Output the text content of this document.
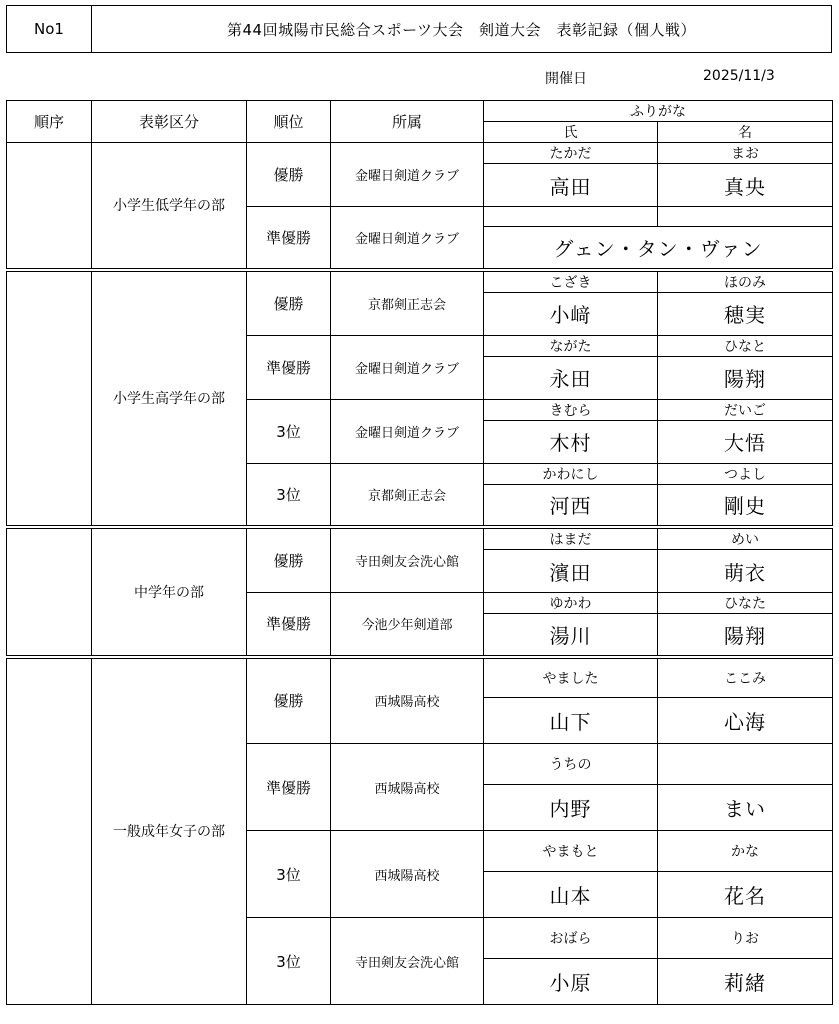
No1	第44回城陽市民総合スポーツ大会　剣道大会　表彰記録（個人戦）
開催日	2025/11/3
順序	表彰区分	順位	所属	ふりがな	
				氏	名
	小学生低学年の部	優勝	金曜日剣道クラブ	たかだ	まお
				高田	真央
		準優勝	金曜日剣道クラブ		
				グェン・タン・ヴァン	
	小学生高学年の部	優勝	京都剣正志会	こざき	ほのみ
				小﨑	穂実
		準優勝	金曜日剣道クラブ	ながた	ひなと
				永田	陽翔
		3位	金曜日剣道クラブ	きむら	だいご
				木村	大悟
		3位	京都剣正志会	かわにし	つよし
				河西	剛史
	中学年の部	優勝	寺田剣友会洗心館	はまだ	めい
				濱田	萌衣
		準優勝	今池少年剣道部	ゆかわ	ひなた
				湯川	陽翔
	一般成年女子の部	優勝	西城陽高校	やました	ここみ
				山下	心海
		準優勝	西城陽高校	うちの	
				内野	まい
		3位	西城陽高校	やまもと	かな
				山本	花名
		3位	寺田剣友会洗心館	おばら	りお
				小原	莉緒
